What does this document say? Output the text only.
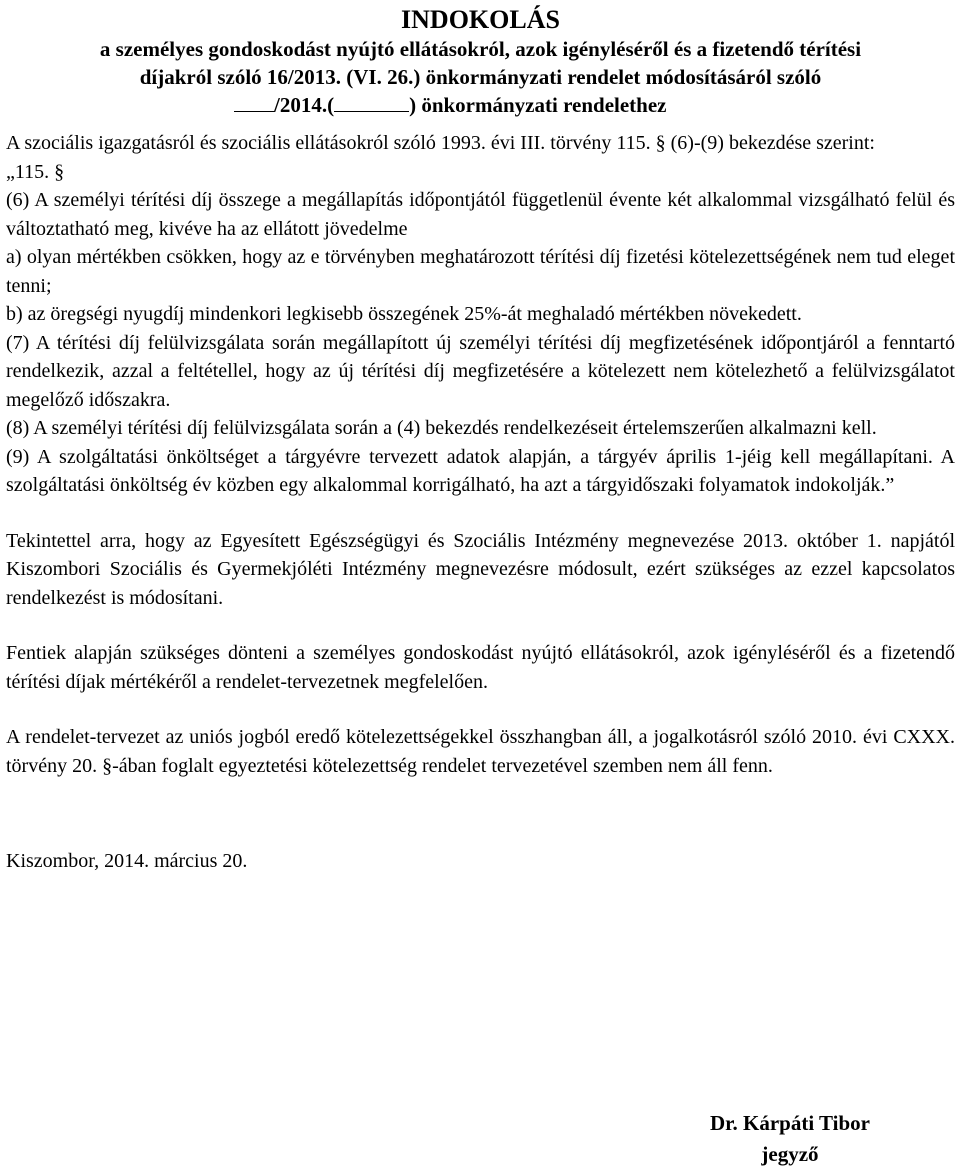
INDOKOLÁS
a személyes gondoskodást nyújtó ellátásokról, azok igényléséről és a fizetendő térítési
díjakról szóló 16/2013. (VI. 26.) önkormányzati rendelet módosításáról szóló
/2014.(	) önkormányzati rendelethez

A szociális igazgatásról és szociális ellátásokról szóló 1993. évi III. törvény 115. § (6)-(9) bekezdése szerint:

„115. §

(6) A személyi térítési díj összege a megállapítás időpontjától függetlenül évente két alkalommal vizsgálható felül és változtatható meg, kivéve ha az ellátott jövedelme

a) olyan mértékben csökken, hogy az e törvényben meghatározott térítési díj fizetési kötelezettségének nem tud eleget tenni;

b) az öregségi nyugdíj mindenkori legkisebb összegének 25%-át meghaladó mértékben növekedett.

(7) A térítési díj felülvizsgálata során megállapított új személyi térítési díj megfizetésének időpontjáról a fenntartó rendelkezik, azzal a feltétellel, hogy az új térítési díj megfizetésére a kötelezett nem kötelezhető a felülvizsgálatot megelőző időszakra.

(8) A személyi térítési díj felülvizsgálata során a (4) bekezdés rendelkezéseit értelemszerűen alkalmazni kell.

(9) A szolgáltatási önköltséget a tárgyévre tervezett adatok alapján, a tárgyév április 1-jéig kell megállapítani. A szolgáltatási önköltség év közben egy alkalommal korrigálható, ha azt a tárgyidőszaki folyamatok indokolják.”

Tekintettel arra, hogy az Egyesített Egészségügyi és Szociális Intézmény megnevezése 2013. október 1. napjától Kiszombori Szociális és Gyermekjóléti Intézmény megnevezésre módosult, ezért szükséges az ezzel kapcsolatos rendelkezést is módosítani.

Fentiek alapján szükséges dönteni a személyes gondoskodást nyújtó ellátásokról, azok igényléséről és a fizetendő térítési díjak mértékéről a rendelet-tervezetnek megfelelően.

A rendelet-tervezet az uniós jogból eredő kötelezettségekkel összhangban áll, a jogalkotásról szóló 2010. évi CXXX. törvény 20. §-ában foglalt egyeztetési kötelezettség rendelet tervezetével szemben nem áll fenn.

Kiszombor, 2014. március 20.

Dr. Kárpáti Tibor
jegyző
